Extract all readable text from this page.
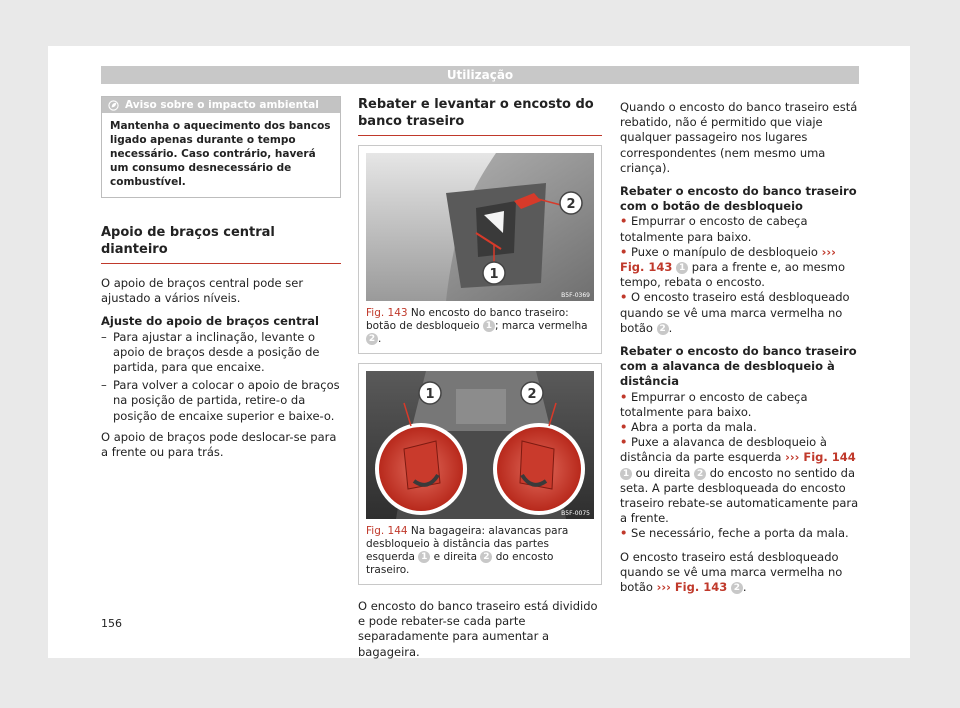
Utilização
Aviso sobre o impacto ambiental
Mantenha o aquecimento dos bancos ligado apenas durante o tempo necessário. Caso contrário, haverá um consumo desnecessário de combustível.
Apoio de braços central dianteiro

O apoio de braços central pode ser ajustado a vários níveis.

Ajuste do apoio de braços central

– Para ajustar a inclinação, levante o apoio de braços desde a posição de partida, para que encaixe.
– Para volver a colocar o apoio de braços na posição de partida, retire-o da posição de encaixe superior e baixe-o.

O apoio de braços pode deslocar-se para a frente ou para trás.

Rebater e levantar o encosto do banco traseiro
1
2
B5F-0369
Fig. 143 No encosto do banco traseiro: botão de desbloqueio 1 ; marca vermelha 2 .
1	2
B5F-0075
Fig. 144 Na bagageira: alavancas para desbloqueio à distância das partes esquerda 1 e direita 2 do encosto traseiro.

O encosto do banco traseiro está dividido e pode rebater-se cada parte separadamente para aumentar a bagageira.

Quando o encosto do banco traseiro está rebatido, não é permitido que viaje qualquer passageiro nos lugares correspondentes (nem mesmo uma criança).

Rebater o encosto do banco traseiro com o botão de desbloqueio

• Empurrar o encosto de cabeça totalmente para baixo.
• Puxe o manípulo de desbloqueio ››› Fig. 143 1 para a frente e, ao mesmo tempo, rebata o encosto.
• O encosto traseiro está desbloqueado quando se vê uma marca vermelha no botão 2 .

Rebater o encosto do banco traseiro com a alavanca de desbloqueio à distância

• Empurrar o encosto de cabeça totalmente para baixo.
• Abra a porta da mala.
• Puxe a alavanca de desbloqueio à distância da parte esquerda ››› Fig. 144 1 ou direita 2 do encosto no sentido da seta. A parte desbloqueada do encosto traseiro rebate-se automaticamente para a frente.
• Se necessário, feche a porta da mala.

O encosto traseiro está desbloqueado quando se vê uma marca vermelha no botão ››› Fig. 143 2 .

156
